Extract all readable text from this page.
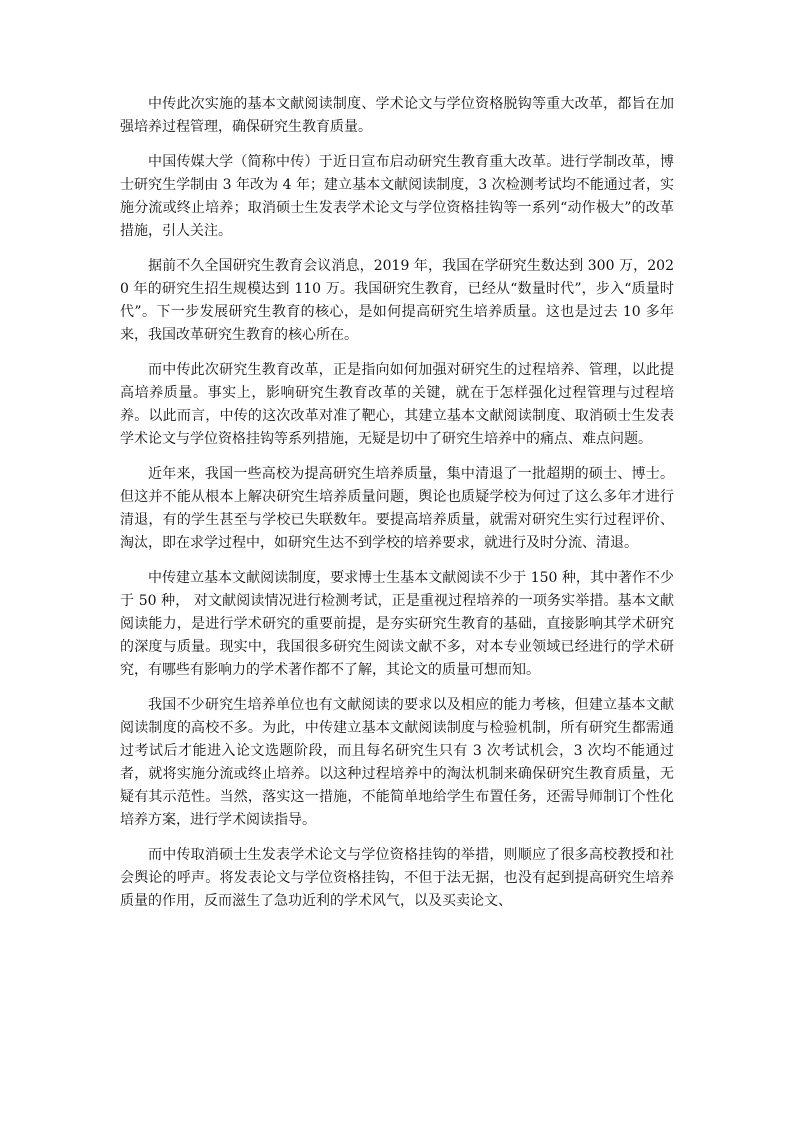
中传此次实施的基本文献阅读制度、学术论文与学位资格脱钩等重大改革，都旨在加强培养过程管理，确保研究生教育质量。

中国传媒大学（简称中传）于近日宣布启动研究生教育重大改革。进行学制改革，博士研究生学制由 3 年改为 4 年；建立基本文献阅读制度，3 次检测考试均不能通过者，实施分流或终止培养；取消硕士生发表学术论文与学位资格挂钩等一系列“动作极大”的改革措施，引人关注。

据前不久全国研究生教育会议消息，2019 年，我国在学研究生数达到 300 万，2020 年的研究生招生规模达到 110 万。我国研究生教育，已经从“数量时代”，步入“质量时代”。下一步发展研究生教育的核心，是如何提高研究生培养质量。这也是过去 10 多年来，我国改革研究生教育的核心所在。

而中传此次研究生教育改革，正是指向如何加强对研究生的过程培养、管理，以此提高培养质量。事实上，影响研究生教育改革的关键，就在于怎样强化过程管理与过程培养。以此而言，中传的这次改革对准了靶心，其建立基本文献阅读制度、取消硕士生发表学术论文与学位资格挂钩等系列措施，无疑是切中了研究生培养中的痛点、难点问题。

近年来，我国一些高校为提高研究生培养质量，集中清退了一批超期的硕士、博士。但这并不能从根本上解决研究生培养质量问题，舆论也质疑学校为何过了这么多年才进行清退，有的学生甚至与学校已失联数年。要提高培养质量，就需对研究生实行过程评价、淘汰，即在求学过程中，如研究生达不到学校的培养要求，就进行及时分流、清退。

中传建立基本文献阅读制度，要求博士生基本文献阅读不少于 150 种，其中著作不少于 50 种， 对文献阅读情况进行检测考试，正是重视过程培养的一项务实举措。基本文献阅读能力，是进行学术研究的重要前提，是夯实研究生教育的基础，直接影响其学术研究的深度与质量。现实中，我国很多研究生阅读文献不多，对本专业领域已经进行的学术研究，有哪些有影响力的学术著作都不了解，其论文的质量可想而知。

我国不少研究生培养单位也有文献阅读的要求以及相应的能力考核，但建立基本文献阅读制度的高校不多。为此，中传建立基本文献阅读制度与检验机制，所有研究生都需通过考试后才能进入论文选题阶段，而且每名研究生只有 3 次考试机会，3 次均不能通过者，就将实施分流或终止培养。以这种过程培养中的淘汰机制来确保研究生教育质量，无疑有其示范性。当然，落实这一措施，不能简单地给学生布置任务，还需导师制订个性化培养方案，进行学术阅读指导。

而中传取消硕士生发表学术论文与学位资格挂钩的举措，则顺应了很多高校教授和社会舆论的呼声。将发表论文与学位资格挂钩，不但于法无据，也没有起到提高研究生培养质量的作用，反而滋生了急功近利的学术风气，以及买卖论文、
